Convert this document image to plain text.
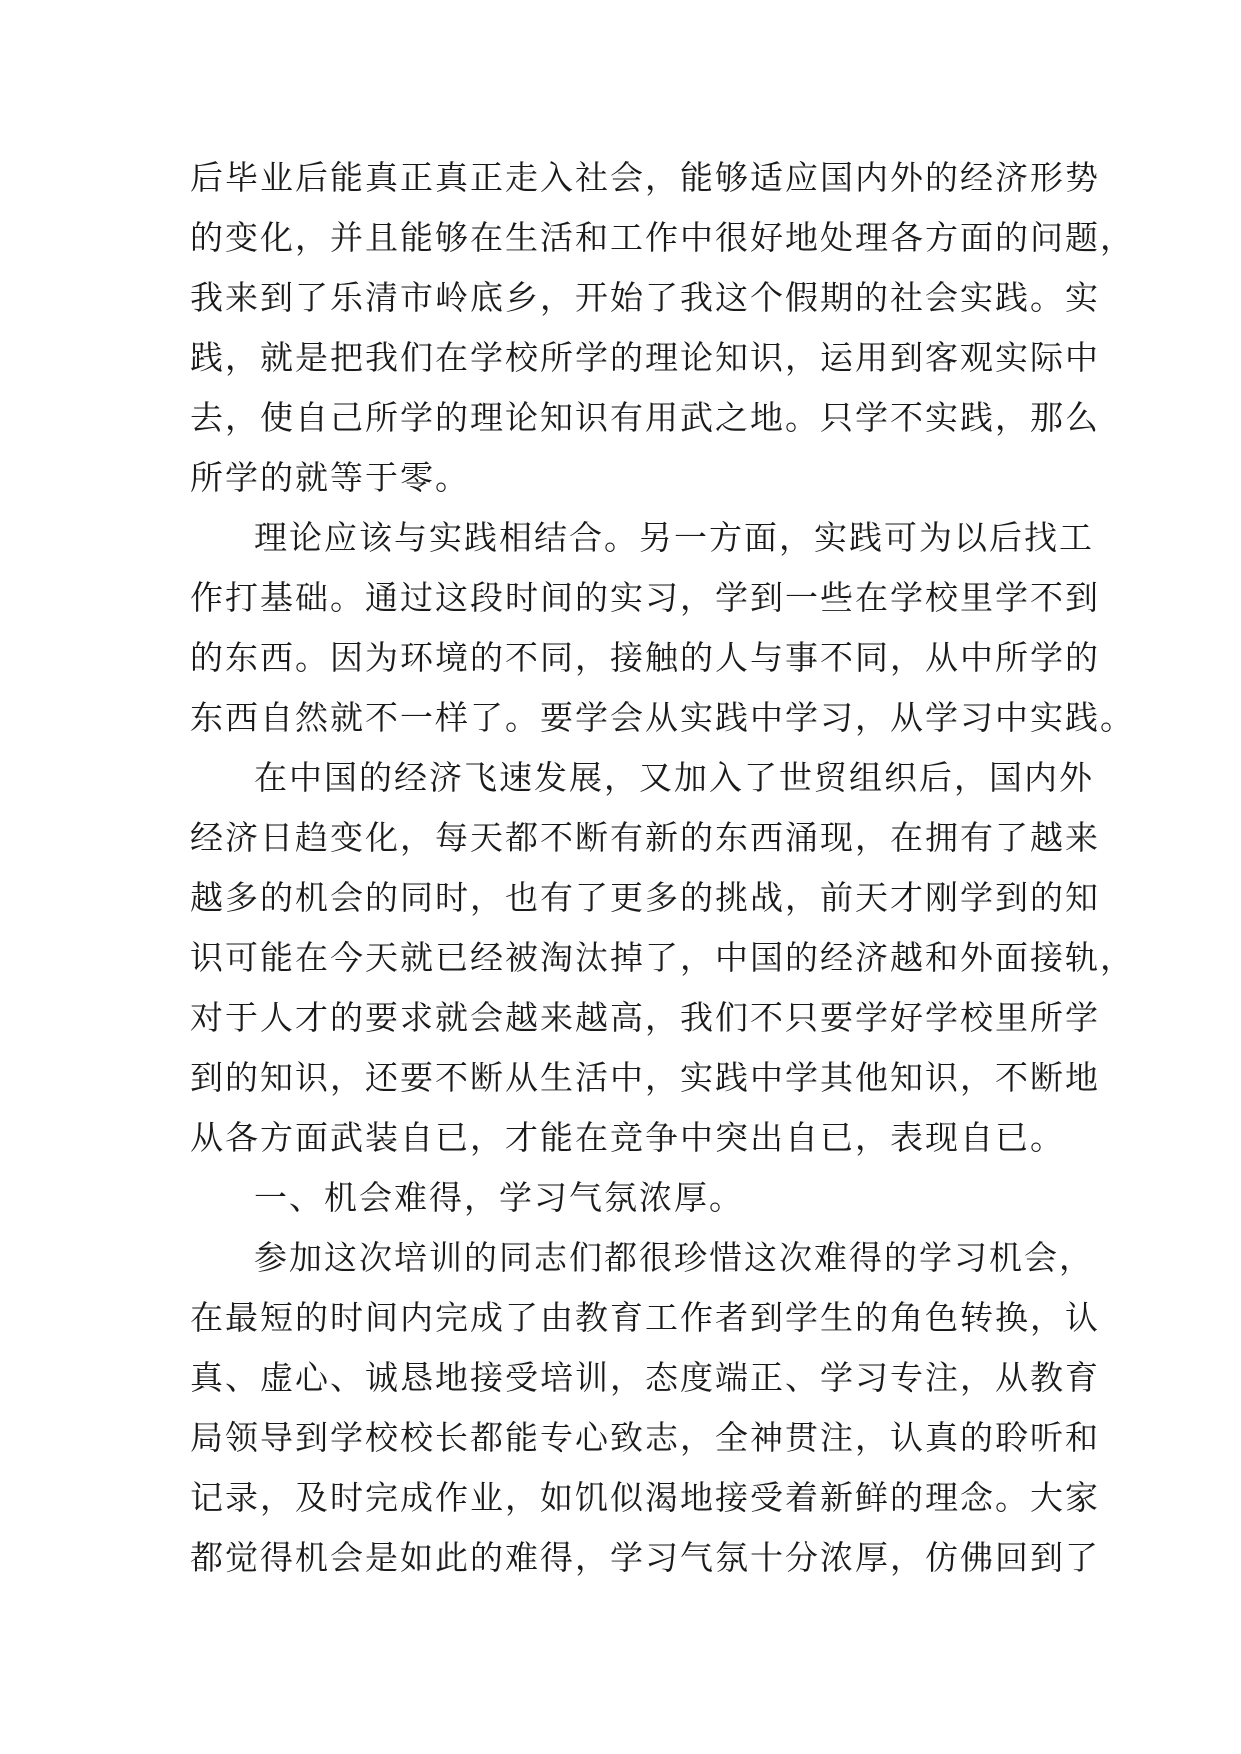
后毕业后能真正真正走入社会，能够适应国内外的经济形势
的变化，并且能够在生活和工作中很好地处理各方面的问题，
我来到了乐清市岭底乡，开始了我这个假期的社会实践。实
践，就是把我们在学校所学的理论知识，运用到客观实际中
去，使自己所学的理论知识有用武之地。只学不实践，那么
所学的就等于零。
理论应该与实践相结合。另一方面，实践可为以后找工
作打基础。通过这段时间的实习，学到一些在学校里学不到
的东西。因为环境的不同，接触的人与事不同，从中所学的
东西自然就不一样了。要学会从实践中学习，从学习中实践。
在中国的经济飞速发展，又加入了世贸组织后，国内外
经济日趋变化，每天都不断有新的东西涌现，在拥有了越来
越多的机会的同时，也有了更多的挑战，前天才刚学到的知
识可能在今天就已经被淘汰掉了，中国的经济越和外面接轨，
对于人才的要求就会越来越高，我们不只要学好学校里所学
到的知识，还要不断从生活中，实践中学其他知识，不断地
从各方面武装自已，才能在竞争中突出自已，表现自已。
一、机会难得，学习气氛浓厚。
参加这次培训的同志们都很珍惜这次难得的学习机会，
在最短的时间内完成了由教育工作者到学生的角色转换，认
真、虚心、诚恳地接受培训，态度端正、学习专注，从教育
局领导到学校校长都能专心致志，全神贯注，认真的聆听和
记录，及时完成作业，如饥似渴地接受着新鲜的理念。大家
都觉得机会是如此的难得，学习气氛十分浓厚，仿佛回到了
